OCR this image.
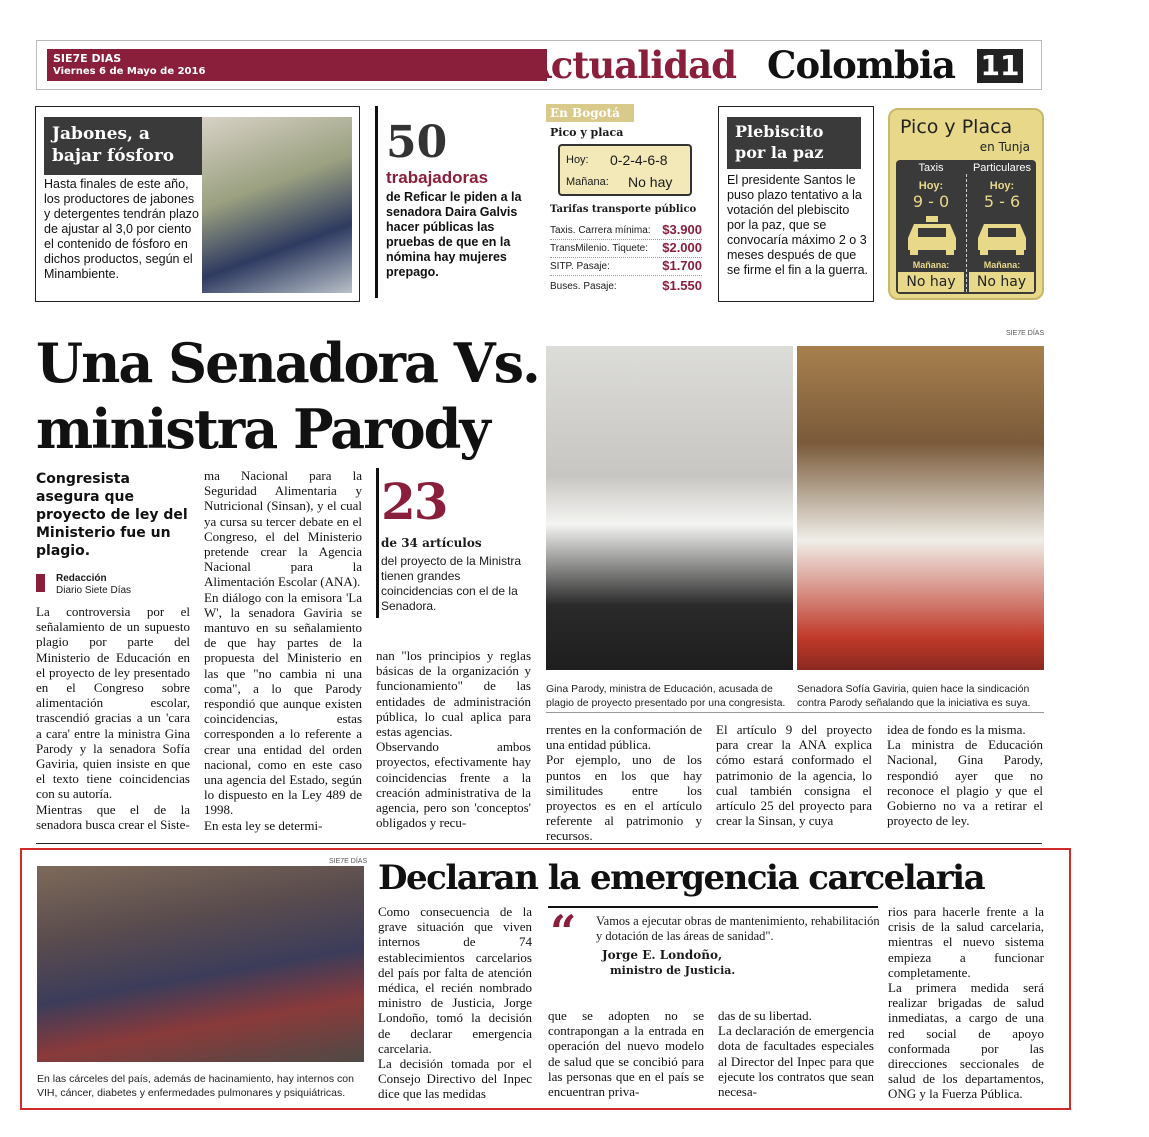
SIE7E DIAS
Viernes 6 de Mayo de 2016	Actualidad Colombia 11
Jabones, a
bajar fósforo
Hasta finales de este año, los productores de jabones y detergentes tendrán plazo de ajustar al 3,0 por ciento el contenido de fósforo en dichos productos, según el Minambiente.
50
trabajadoras
de Reficar le piden a la senadora Daira Galvis hacer públicas las pruebas de que en la nómina hay mujeres prepago.
En Bogotá
Pico y placa
Hoy: 0-2-4-6-8
Mañana: No hay
Tarifas transporte público
Taxis. Carrera mínima: $3.900
TransMilenio. Tiquete: $2.000
SITP. Pasaje:	$1.700
Buses. Pasaje:	$1.550
Plebiscito
por la paz
El presidente Santos le puso plazo tentativo a la votación del plebiscito por la paz, que se convocaría máximo 2 o 3 meses después de que se firme el fin a la guerra.
Pico y Placa
en Tunja
Taxis	Particulares
Hoy:	Hoy:
9 - 0	5 - 6
Mañana:	Mañana:
No hay	No hay
Una Senadora Vs.
ministra Parody
SIE7E DÍAS
Congresista asegura que proyecto de ley del Ministerio fue un plagio.
Redacción
Diario Siete Días
La controversia por el señalamiento de un supuesto plagio por parte del Ministerio de Educación en el proyecto de ley presentado en el Congreso sobre alimentación escolar, trascendió gracias a un 'cara a cara' entre la ministra Gina Parody y la senadora Sofía Gaviria, quien insiste en que el texto tiene coincidencias con su autoría.
Mientras que el de la senadora busca crear el Siste-
ma Nacional para la Seguridad Alimentaria y Nutricional (Sinsan), y el cual ya cursa su tercer debate en el Congreso, el del Ministerio pretende crear la Agencia Nacional para la Alimentación Escolar (ANA).
En diálogo con la emisora 'La W', la senadora Gaviria se mantuvo en su señalamiento de que hay partes de la propuesta del Ministerio en las que "no cambia ni una coma", a lo que Parody respondió que aunque existen coincidencias, estas corresponden a lo referente a crear una entidad del orden nacional, como en este caso una agencia del Estado, según lo dispuesto en la Ley 489 de 1998.
En esta ley se determi-
23
de 34 artículos
del proyecto de la Ministra tienen grandes coincidencias con el de la Senadora.
nan "los principios y reglas básicas de la organización y funcionamiento" de las entidades de administración pública, lo cual aplica para estas agencias.
Observando ambos proyectos, efectivamente hay coincidencias frente a la creación administrativa de la agencia, pero son 'conceptos' obligados y recu-
Gina Parody, ministra de Educación, acusada de plagio de proyecto presentado por una congresista.
Senadora Sofía Gaviria, quien hace la sindicación contra Parody señalando que la iniciativa es suya.
rrentes en la conformación de una entidad pública.
Por ejemplo, uno de los puntos en los que hay similitudes entre los proyectos es en el artículo referente al patrimonio y recursos.
El artículo 9 del proyecto para crear la ANA explica cómo estará conformado el patrimonio de la agencia, lo cual también consigna el artículo 25 del proyecto para crear la Sinsan, y cuya
idea de fondo es la misma.
La ministra de Educación Nacional, Gina Parody, respondió ayer que no reconoce el plagio y que el Gobierno no va a retirar el proyecto de ley.
SIE7E DÍAS
En las cárceles del país, además de hacinamiento, hay internos con VIH, cáncer, diabetes y enfermedades pulmonares y psiquiátricas.
Declaran la emergencia carcelaria
Como consecuencia de la grave situación que viven internos de 74 establecimientos carcelarios del país por falta de atención médica, el recién nombrado ministro de Justicia, Jorge Londoño, tomó la decisión de declarar emergencia carcelaria.
La decisión tomada por el Consejo Directivo del Inpec dice que las medidas
“ Vamos a ejecutar obras de mantenimiento, rehabilitación y dotación de las áreas de sanidad".
Jorge E. Londoño,
ministro de Justicia.
que se adopten no se contrapongan a la entrada en operación del nuevo modelo de salud que se concibió para las personas que en el país se encuentran priva-
das de su libertad.
La declaración de emergencia dota de facultades especiales al Director del Inpec para que ejecute los contratos que sean necesa-
rios para hacerle frente a la crisis de la salud carcelaria, mientras el nuevo sistema empieza a funcionar completamente.
La primera medida será realizar brigadas de salud inmediatas, a cargo de una red social de apoyo conformada por las direcciones seccionales de salud de los departamentos, ONG y la Fuerza Pública.
